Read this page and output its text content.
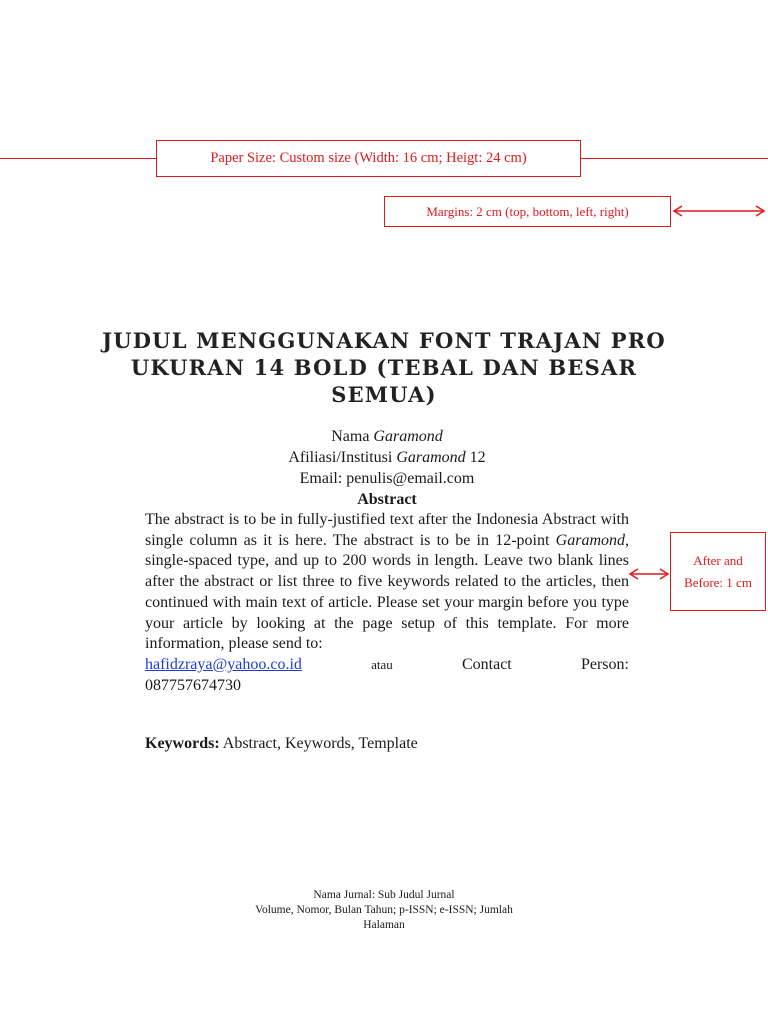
Paper Size: Custom size (Width: 16 cm; Heigt: 24 cm)
Margins: 2 cm (top, bottom, left, right)
JUDUL MENGGUNAKAN FONT TRAJAN PRO UKURAN 14 BOLD (TEBAL DAN BESAR SEMUA)
Nama Garamond
Afiliasi/Institusi Garamond 12
Email: penulis@email.com
Abstract
The abstract is to be in fully-justified text after the Indonesia Abstract with single column as it is here. The abstract is to be in 12-point Garamond, single-spaced type, and up to 200 words in length. Leave two blank lines after the abstract or list three to five keywords related to the articles, then continued with main text of article. Please set your margin before you type your article by looking at the page setup of this template. For more information, please send to:
hafidzraya@yahoo.co.id	atau	Contact	Person:
087757674730
After and Before: 1 cm
Keywords: Abstract, Keywords, Template
Nama Jurnal: Sub Judul Jurnal
Volume, Nomor, Bulan Tahun; p-ISSN; e-ISSN; Jumlah
Halaman
